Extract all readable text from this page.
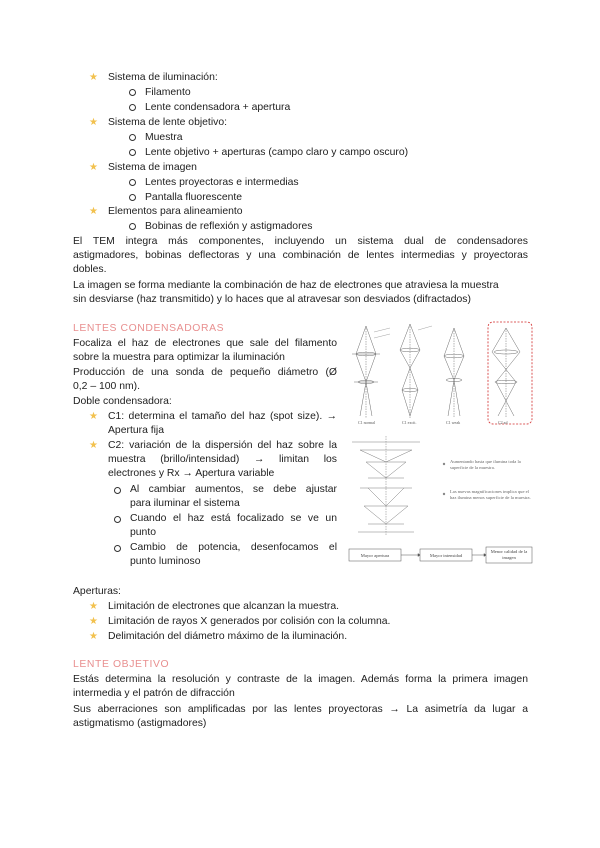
★ Sistema de iluminación:
Filamento
Lente condensadora + apertura
★ Sistema de lente objetivo:
Muestra
Lente objetivo + aperturas (campo claro y campo oscuro)
★ Sistema de imagen
Lentes proyectoras e intermedias
Pantalla fluorescente
★ Elementos para alineamiento
Bobinas de reflexión y astigmadores
El TEM integra más componentes, incluyendo un sistema dual de condensadores
astigmadores, bobinas deflectoras y una combinación de lentes intermedias y proyectoras
dobles.
La imagen se forma mediante la combinación de haz de electrones que atraviesa la muestra
sin desviarse (haz transmitido) y lo haces que al atravesar son desviados (difractados)
LENTES CONDENSADORAS
Focaliza el haz de electrones que sale del filamento
sobre la muestra para optimizar la iluminación
Producción de una sonda de pequeño diámetro (Ø
0,2 – 100 nm).
Doble condensadora:
★ C1: determina el tamaño del haz (spot size). →
Apertura fija
★ C2: variación de la dispersión del haz sobre la
muestra (brillo/intensidad) → limitan los
electrones y Rx → Apertura variable
Al cambiar aumentos, se debe ajustar
para iluminar el sistema
Cuando el haz está focalizado se ve un
punto
Cambio de potencia, desenfocamos el
punto luminoso
C1 normal	C1 excit.	C1 weak	C2 zd
Aumentando hasta que ilumina toda la superficie de la muestra.
Las nuevas magnificaciones implica que el haz ilumina menos superficie de la muestra.
Mayor apertura	Mayor intensidad
Menor calidad de la imagen
Aperturas:
★ Limitación de electrones que alcanzan la muestra.
★ Limitación de rayos X generados por colisión con la columna.
★ Delimitación del diámetro máximo de la iluminación.
LENTE OBJETIVO
Estás determina la resolución y contraste de la imagen. Además forma la primera imagen
intermedia y el patrón de difracción
Sus aberraciones son amplificadas por las lentes proyectoras → La asimetría da lugar a
astigmatismo (astigmadores)
